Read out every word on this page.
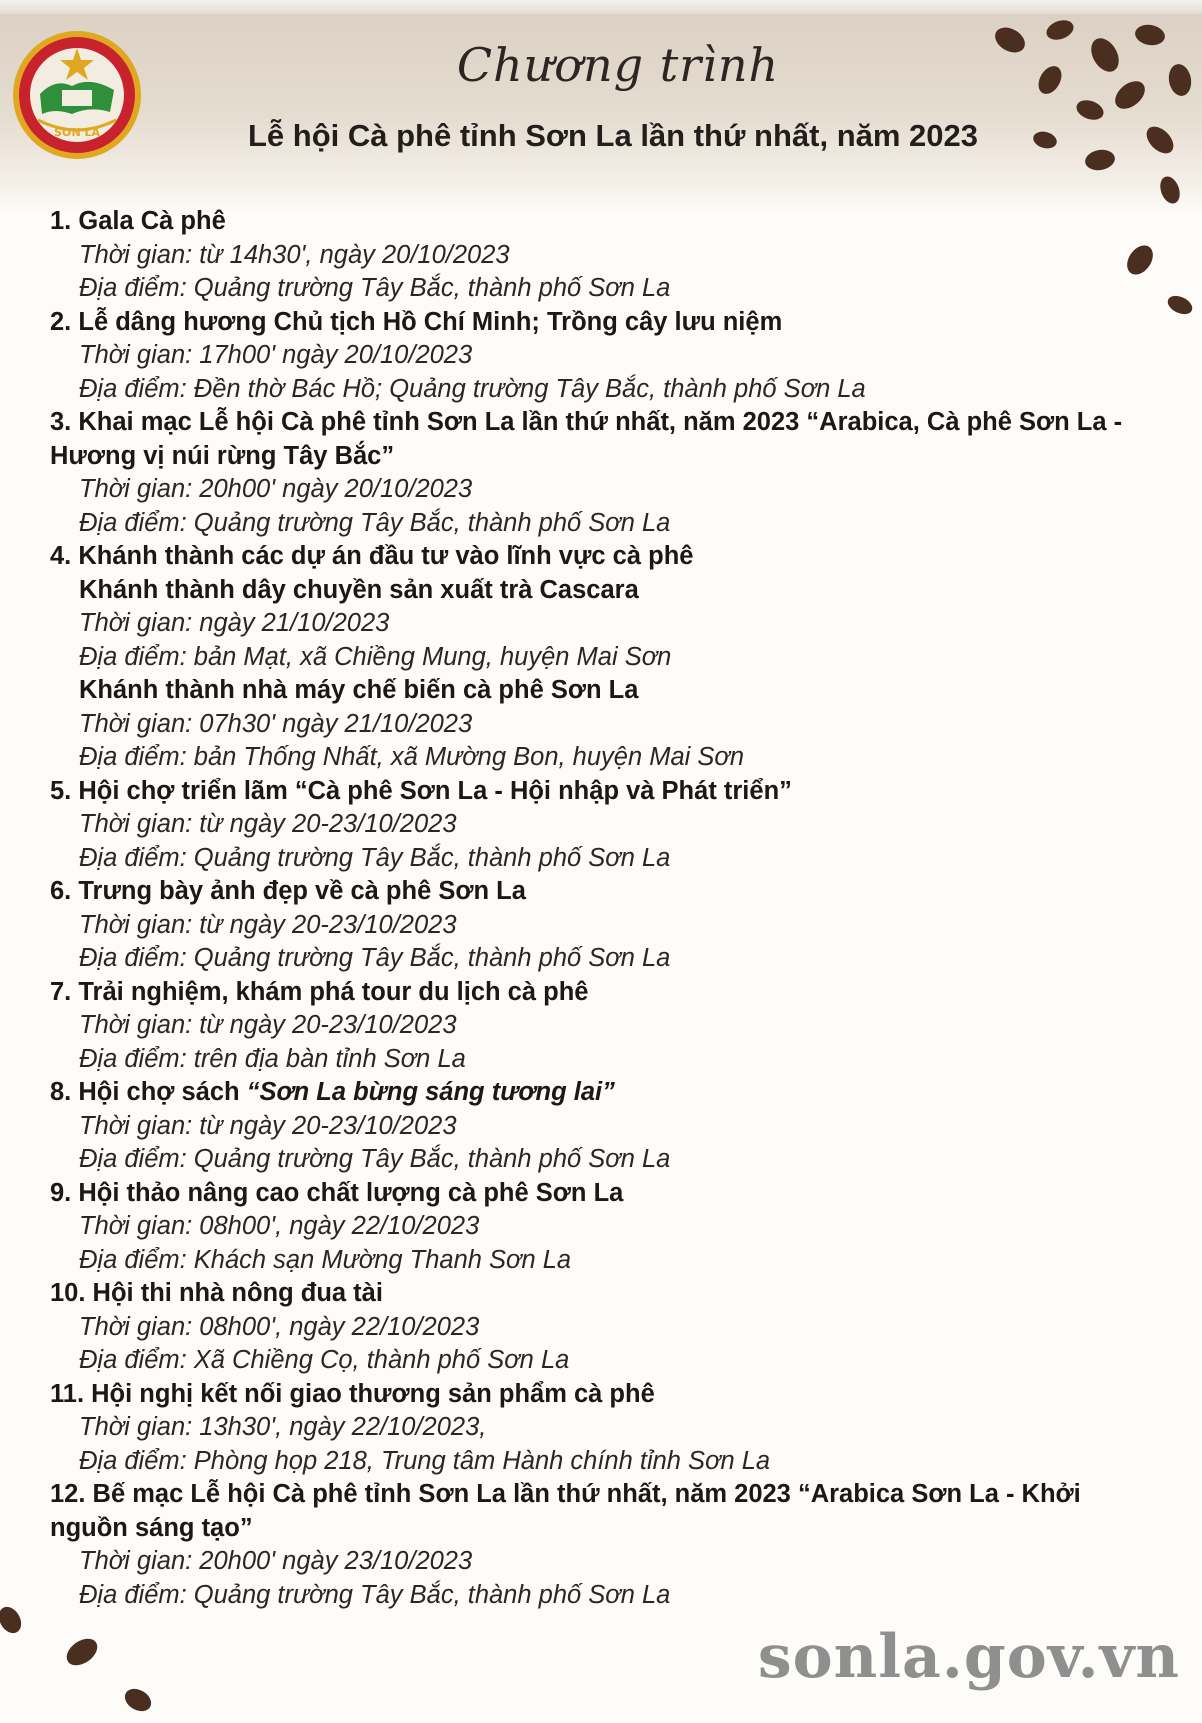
SƠN LA
Chương trình
Lễ hội Cà phê tỉnh Sơn La lần thứ nhất, năm 2023
1. Gala Cà phê
Thời gian: từ 14h30', ngày 20/10/2023
Địa điểm: Quảng trường Tây Bắc, thành phố Sơn La
2. Lễ dâng hương Chủ tịch Hồ Chí Minh; Trồng cây lưu niệm
Thời gian: 17h00' ngày 20/10/2023
Địa điểm: Đền thờ Bác Hồ; Quảng trường Tây Bắc, thành phố Sơn La
3. Khai mạc Lễ hội Cà phê tỉnh Sơn La lần thứ nhất, năm 2023 “Arabica, Cà phê Sơn La -
Hương vị núi rừng Tây Bắc”
Thời gian: 20h00' ngày 20/10/2023
Địa điểm: Quảng trường Tây Bắc, thành phố Sơn La
4. Khánh thành các dự án đầu tư vào lĩnh vực cà phê
Khánh thành dây chuyền sản xuất trà Cascara
Thời gian: ngày 21/10/2023
Địa điểm: bản Mạt, xã Chiềng Mung, huyện Mai Sơn
Khánh thành nhà máy chế biến cà phê Sơn La
Thời gian: 07h30' ngày 21/10/2023
Địa điểm: bản Thống Nhất, xã Mường Bon, huyện Mai Sơn
5. Hội chợ triển lãm “Cà phê Sơn La - Hội nhập và Phát triển”
Thời gian: từ ngày 20-23/10/2023
Địa điểm: Quảng trường Tây Bắc, thành phố Sơn La
6. Trưng bày ảnh đẹp về cà phê Sơn La
Thời gian: từ ngày 20-23/10/2023
Địa điểm: Quảng trường Tây Bắc, thành phố Sơn La
7. Trải nghiệm, khám phá tour du lịch cà phê
Thời gian: từ ngày 20-23/10/2023
Địa điểm: trên địa bàn tỉnh Sơn La
8. Hội chợ sách “Sơn La bừng sáng tương lai”
Thời gian: từ ngày 20-23/10/2023
Địa điểm: Quảng trường Tây Bắc, thành phố Sơn La
9. Hội thảo nâng cao chất lượng cà phê Sơn La
Thời gian: 08h00', ngày 22/10/2023
Địa điểm: Khách sạn Mường Thanh Sơn La
10. Hội thi nhà nông đua tài
Thời gian: 08h00', ngày 22/10/2023
Địa điểm: Xã Chiềng Cọ, thành phố Sơn La
11. Hội nghị kết nối giao thương sản phẩm cà phê
Thời gian: 13h30', ngày 22/10/2023,
Địa điểm: Phòng họp 218, Trung tâm Hành chính tỉnh Sơn La
12. Bế mạc Lễ hội Cà phê tỉnh Sơn La lần thứ nhất, năm 2023 “Arabica Sơn La - Khởi
nguồn sáng tạo”
Thời gian: 20h00' ngày 23/10/2023
Địa điểm: Quảng trường Tây Bắc, thành phố Sơn La
sonla.gov.vn
